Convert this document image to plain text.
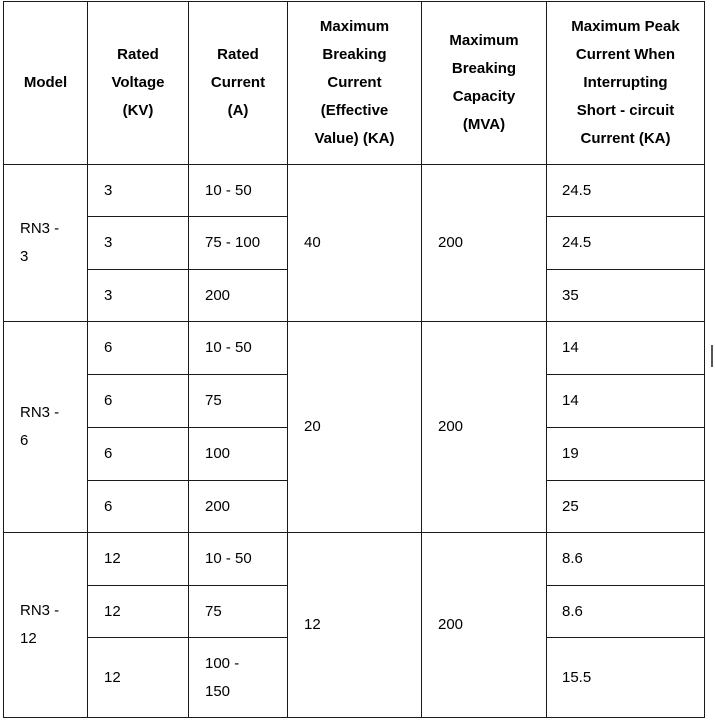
Model	Rated Voltage (KV)	Rated Current (A)	Maximum Breaking Current (Effective Value) (KA)	Maximum Breaking Capacity (MVA)	Maximum Peak Current When Interrupting Short - circuit Current (KA)
RN3 - 3	3	10 - 50	40	200	24.5
	3	75 - 100			24.5
	3	200			35
RN3 - 6	6	10 - 50	20	200	14
	6	75			14
	6	100			19
	6	200			25
RN3 - 12	12	10 - 50	12	200	8.6
	12	75			8.6
	12	100 - 150			15.5
